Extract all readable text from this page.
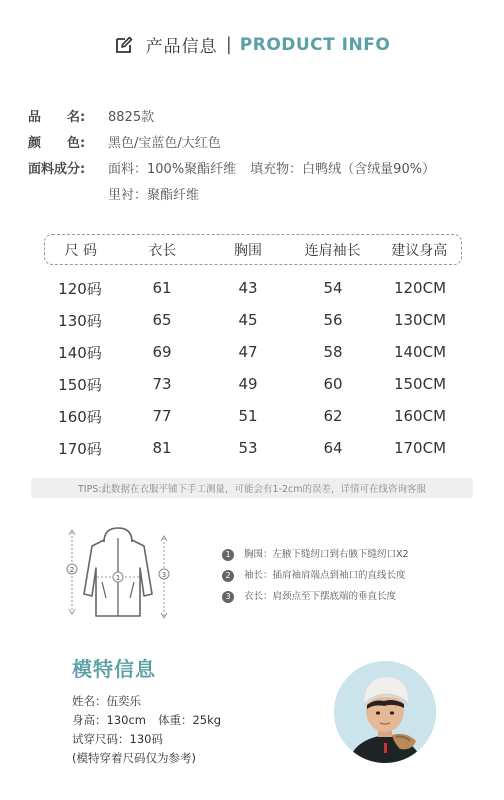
产品信息 | PRODUCT INFO
品　　名:	8825款
颜　　色:	黑色/宝蓝色/大红色
面料成分:	面料：100%聚酯纤维 填充物：白鸭绒（含绒量90%）
里衬：聚酯纤维
尺 码	衣长	胸围	连肩袖长	建议身高
120码	61	43	54	120CM
130码	65	45	56	130CM
140码	69	47	58	140CM
150码	73	49	60	150CM
160码	77	51	62	160CM
170码	81	53	64	170CM
TIPS:此数据在衣服平铺下手工测量，可能会有1-2cm的误差，详情可在线咨询客服
2
3
1
1	胸围：左腋下缝纫口到右腋下缝纫口X2
2	袖长：插肩袖肩端点到袖口的直线长度
3	衣长：肩颈点至下摆底端的垂直长度
模特信息
姓名：伍奕乐
身高：130cm 体重：25kg
试穿尺码：130码
(模特穿着尺码仅为参考)
